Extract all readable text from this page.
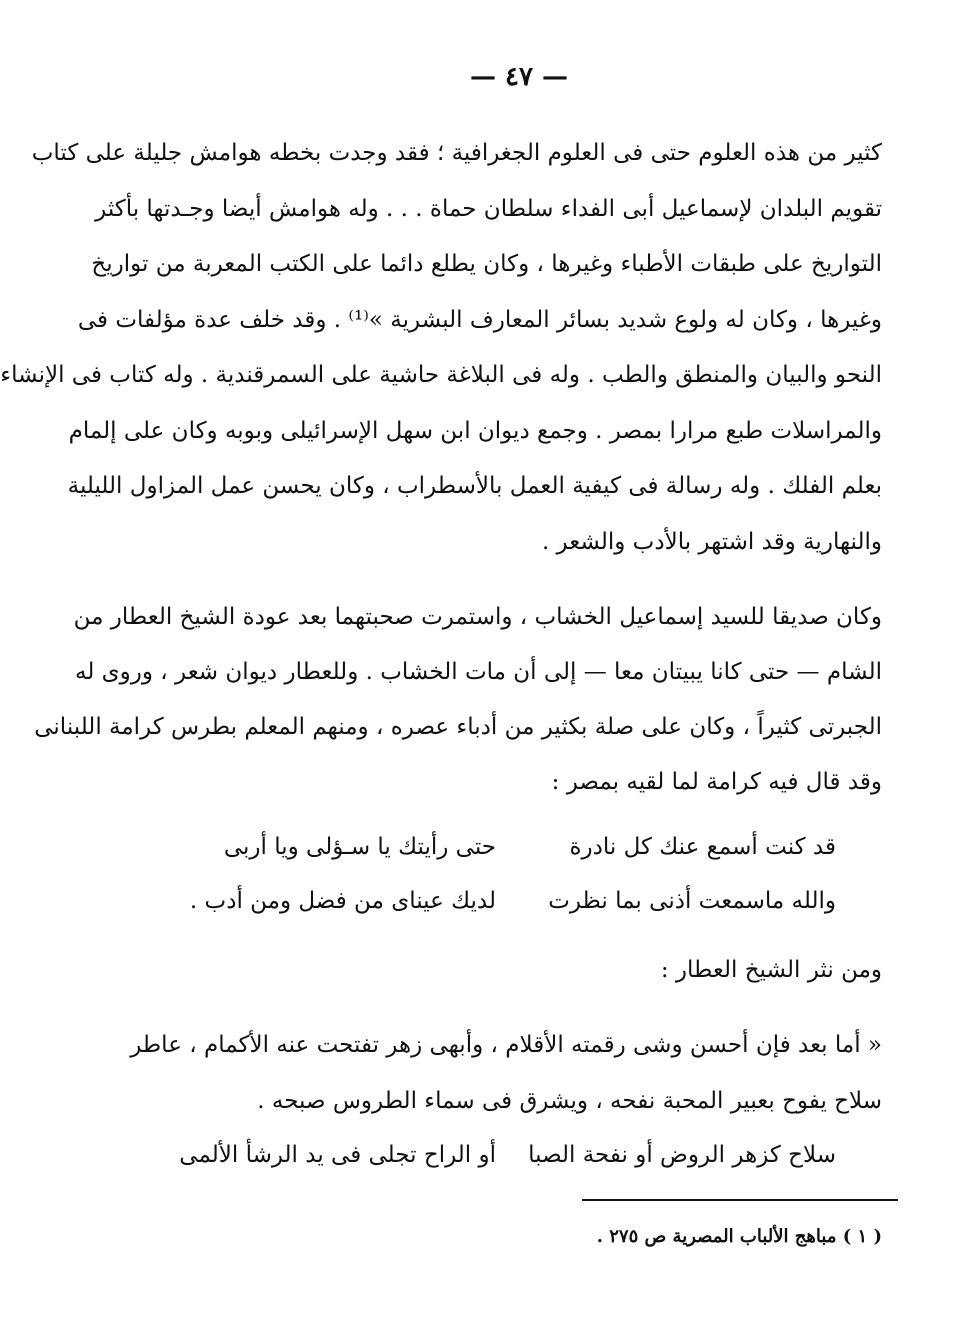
— ٤٧ —

كثير من هذه العلوم حتى فى العلوم الجغرافية ؛ فقد وجدت بخطه هوامش جليلة على كتاب
تقويم البلدان لإسماعيل أبى الفداء سلطان حماة . . . وله هوامش أيضا وجـدتها بأكثر
التواريخ على طبقات الأطباء وغيرها ، وكان يطلع دائما على الكتب المعربة من تواريخ
وغيرها ، وكان له ولوع شديد بسائر المعارف البشرية »⁽¹⁾ . وقد خلف عدة مؤلفات فى
النحو والبيان والمنطق والطب . وله فى البلاغة حاشية على السمرقندية . وله كتاب فى الإنشاء
والمراسلات طبع مرارا بمصر . وجمع ديوان ابن سهل الإسرائيلى وبوبه وكان على إلمام
بعلم الفلك . وله رسالة فى كيفية العمل بالأسطراب ، وكان يحسن عمل المزاول الليلية
والنهارية وقد اشتهر بالأدب والشعر .

وكان صديقا للسيد إسماعيل الخشاب ، واستمرت صحبتهما بعد عودة الشيخ العطار من
الشام — حتى كانا يبيتان معا — إلى أن مات الخشاب . وللعطار ديوان شعر ، وروى له
الجبرتى كثيراً ، وكان على صلة بكثير من أدباء عصره ، ومنهم المعلم بطرس كرامة اللبنانى
وقد قال فيه كرامة لما لقيه بمصر :

قد كنت أسمع عنك كل نادرة
حتى رأيتك يا سـؤلى ويا أربى
والله ماسمعت أذنى بما نظرت
لديك عيناى من فضل ومن أدب .
ومن نثر الشيخ العطار :

« أما بعد فإن أحسن وشى رقمته الأقلام ، وأبهى زهر تفتحت عنه الأكمام ، عاطر
سلاح يفوح بعبير المحبة نفحه ، ويشرق فى سماء الطروس صبحه .

سلاح كزهر الروض أو نفحة الصبا
أو الراح تجلى فى يد الرشأ الألمى
( ١ ) مباهج الألباب المصرية ص ٢٧٥ .
